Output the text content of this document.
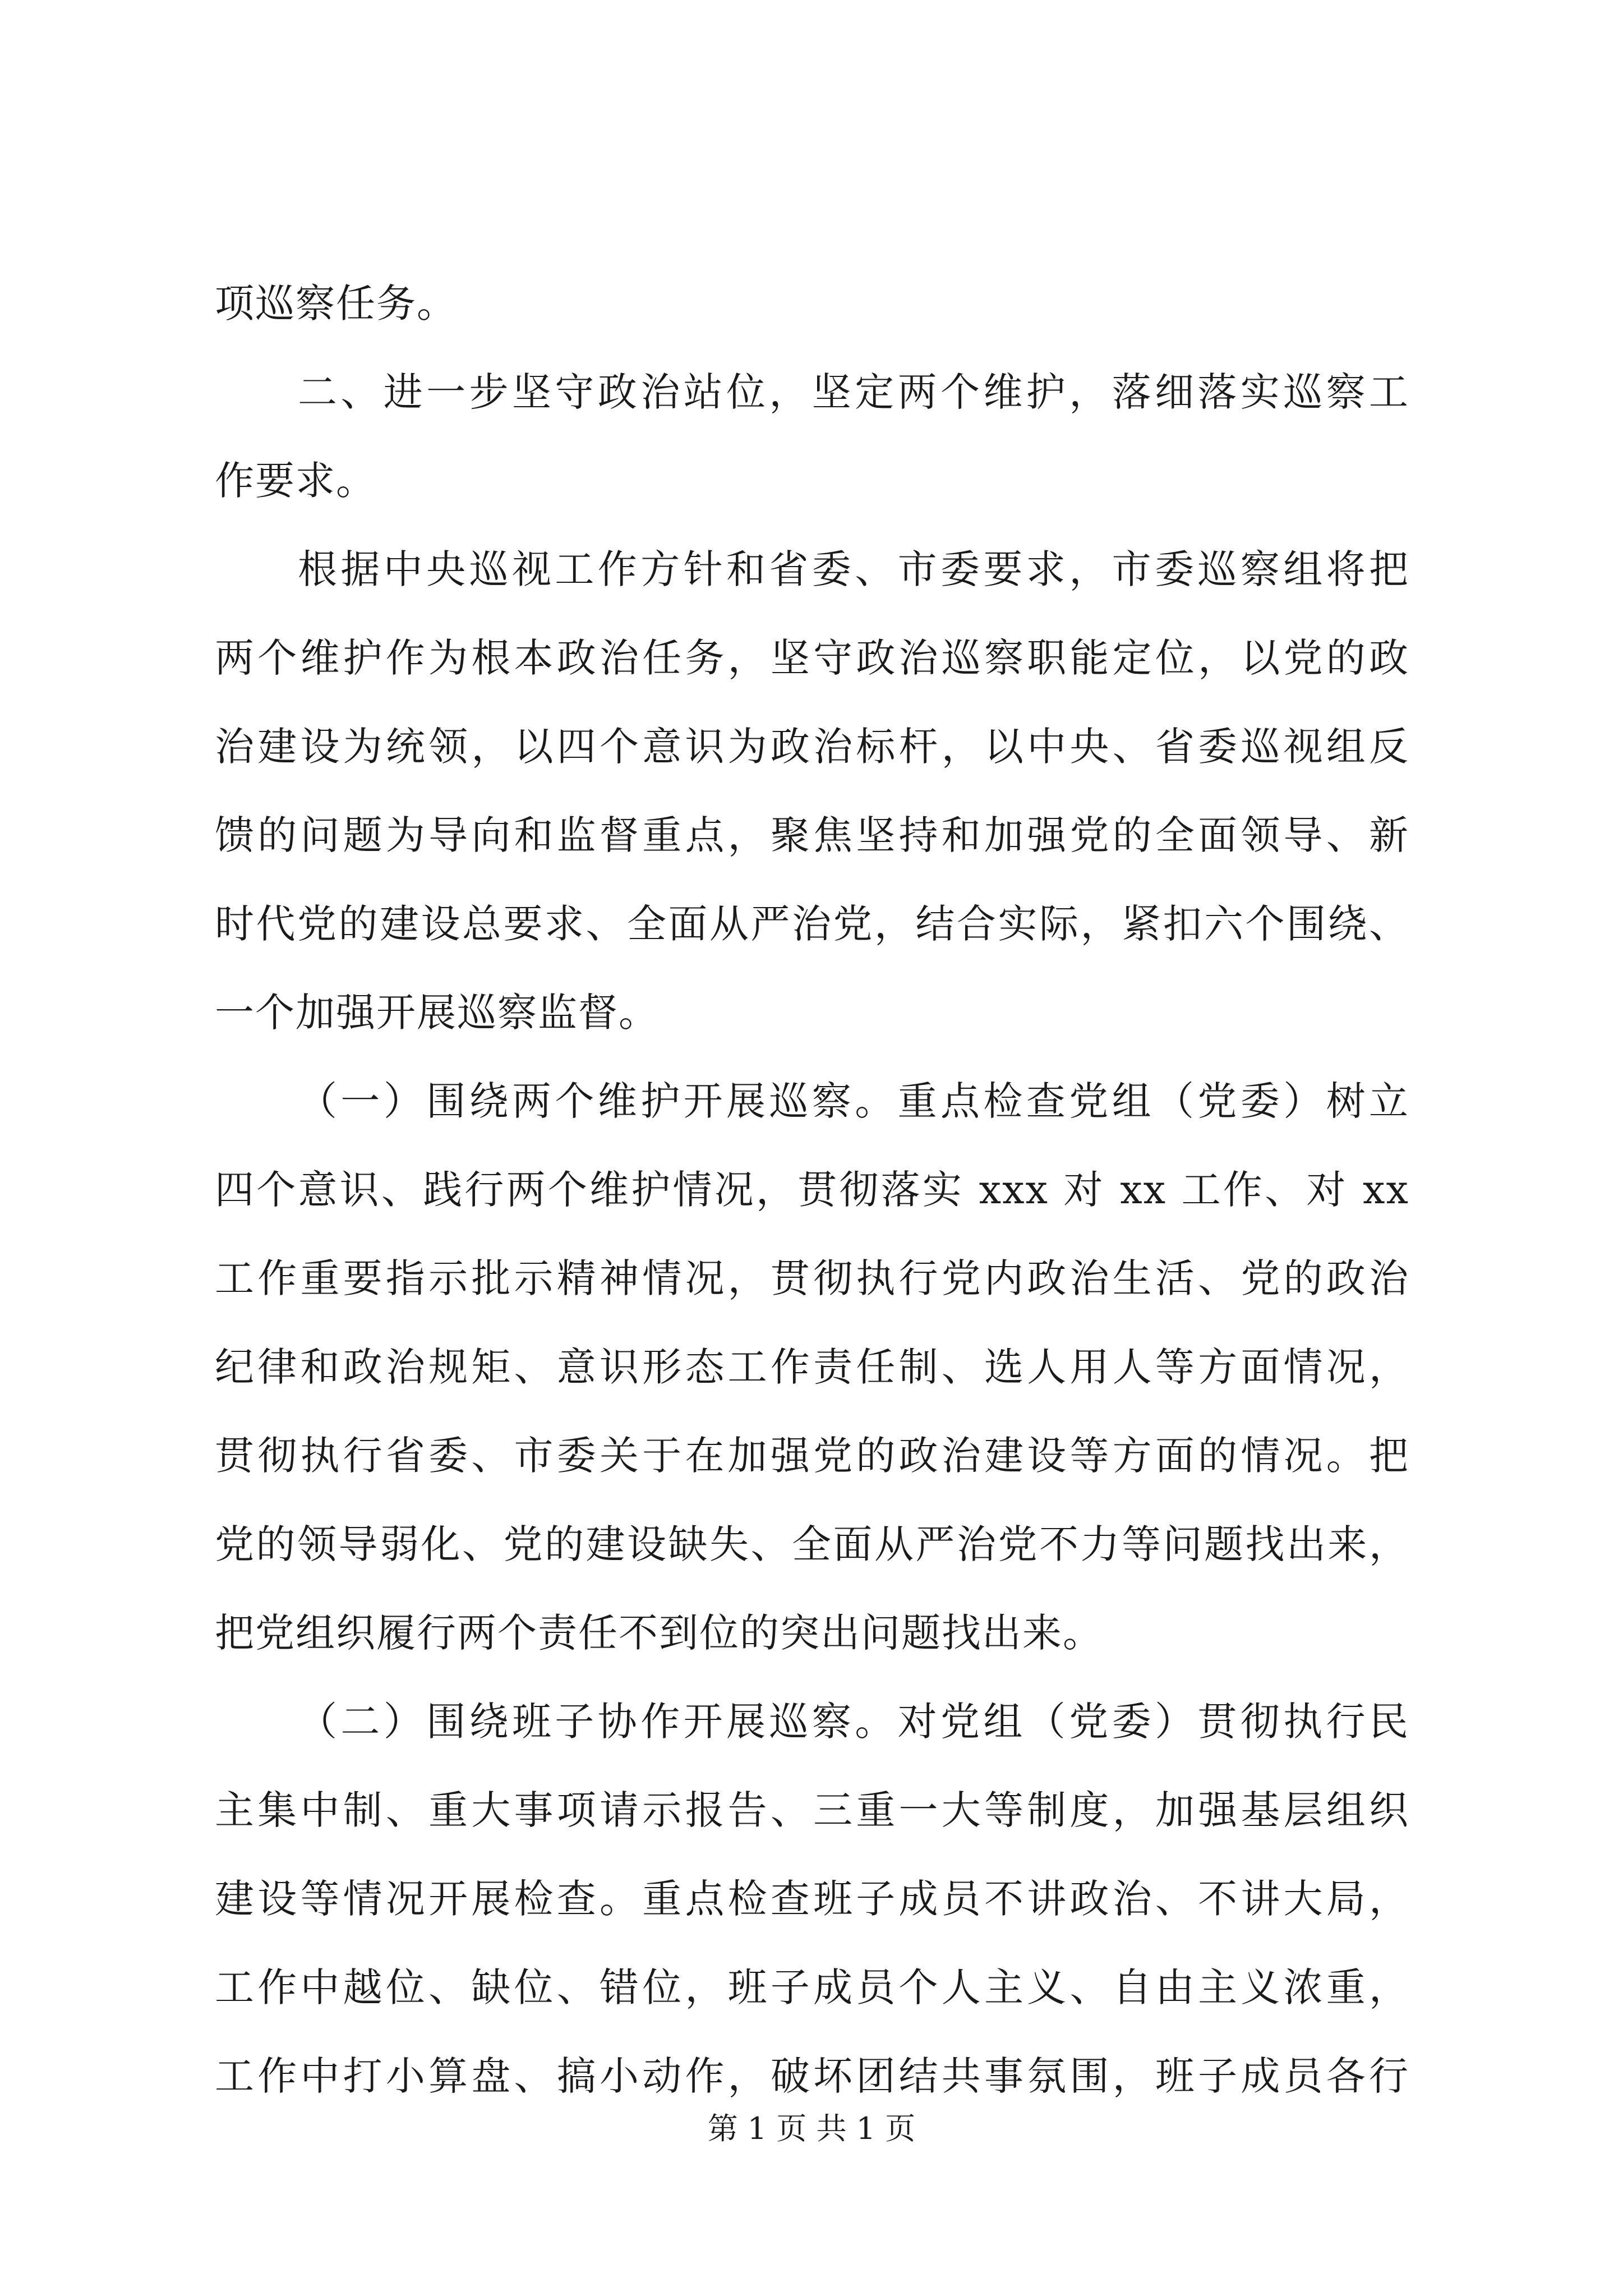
项巡察任务。
二、进一步坚守政治站位，坚定两个维护，落细落实巡察工
作要求。
根据中央巡视工作方针和省委、市委要求，市委巡察组将把
两个维护作为根本政治任务，坚守政治巡察职能定位，以党的政
治建设为统领，以四个意识为政治标杆，以中央、省委巡视组反
馈的问题为导向和监督重点，聚焦坚持和加强党的全面领导、新
时代党的建设总要求、全面从严治党，结合实际，紧扣六个围绕、
一个加强开展巡察监督。
（一）围绕两个维护开展巡察。重点检查党组（党委）树立
四个意识、践行两个维护情况，贯彻落实 xxx 对 xx 工作、对 xx
工作重要指示批示精神情况，贯彻执行党内政治生活、党的政治
纪律和政治规矩、意识形态工作责任制、选人用人等方面情况，
贯彻执行省委、市委关于在加强党的政治建设等方面的情况。把
党的领导弱化、党的建设缺失、全面从严治党不力等问题找出来，
把党组织履行两个责任不到位的突出问题找出来。
（二）围绕班子协作开展巡察。对党组（党委）贯彻执行民
主集中制、重大事项请示报告、三重一大等制度，加强基层组织
建设等情况开展检查。重点检查班子成员不讲政治、不讲大局，
工作中越位、缺位、错位，班子成员个人主义、自由主义浓重，
工作中打小算盘、搞小动作，破坏团结共事氛围，班子成员各行
第 1 页 共 1 页
